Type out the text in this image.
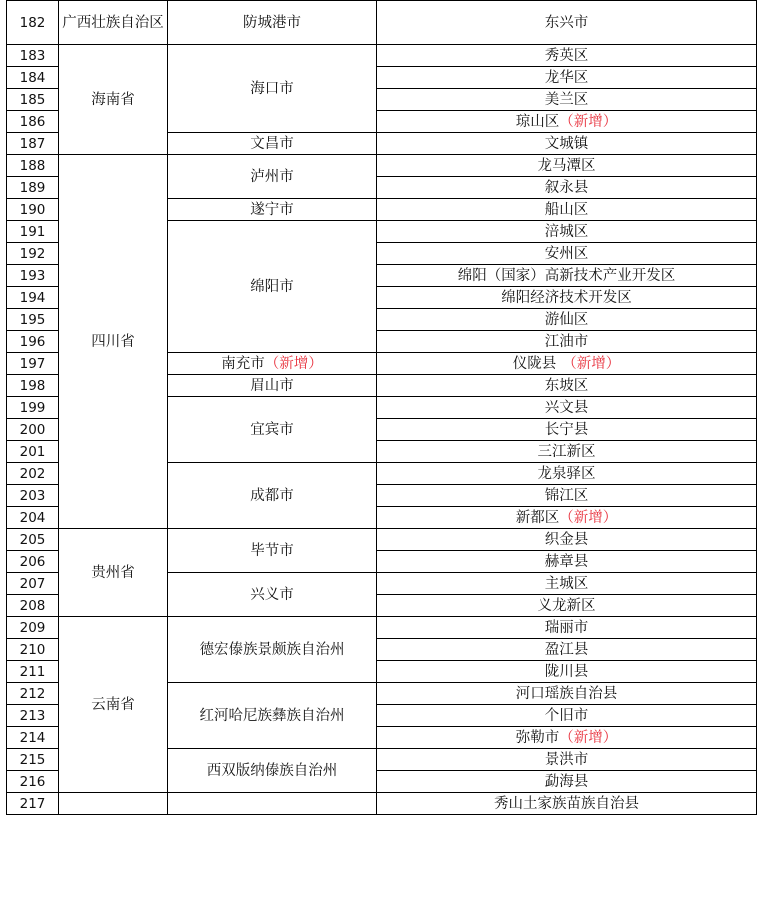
182	广西壮族自治区	防城港市	东兴市
183	海南省	海口市	秀英区
184			龙华区
185			美兰区
186			琼山区（新增）
187		文昌市	文城镇
188	四川省	泸州市	龙马潭区
189			叙永县
190		遂宁市	船山区
191		绵阳市	涪城区
192			安州区
193			绵阳（国家）高新技术产业开发区
194			绵阳经济技术开发区
195			游仙区
196			江油市
197		南充市（新增）	仪陇县 （新增）
198		眉山市	东坡区
199		宜宾市	兴文县
200			长宁县
201			三江新区
202		成都市	龙泉驿区
203			锦江区
204			新都区（新增）
205	贵州省	毕节市	织金县
206			赫章县
207		兴义市	主城区
208			义龙新区
209	云南省	德宏傣族景颇族自治州	瑞丽市
210			盈江县
211			陇川县
212		红河哈尼族彝族自治州	河口瑶族自治县
213			个旧市
214			弥勒市（新增）
215		西双版纳傣族自治州	景洪市
216			勐海县
217			秀山土家族苗族自治县
